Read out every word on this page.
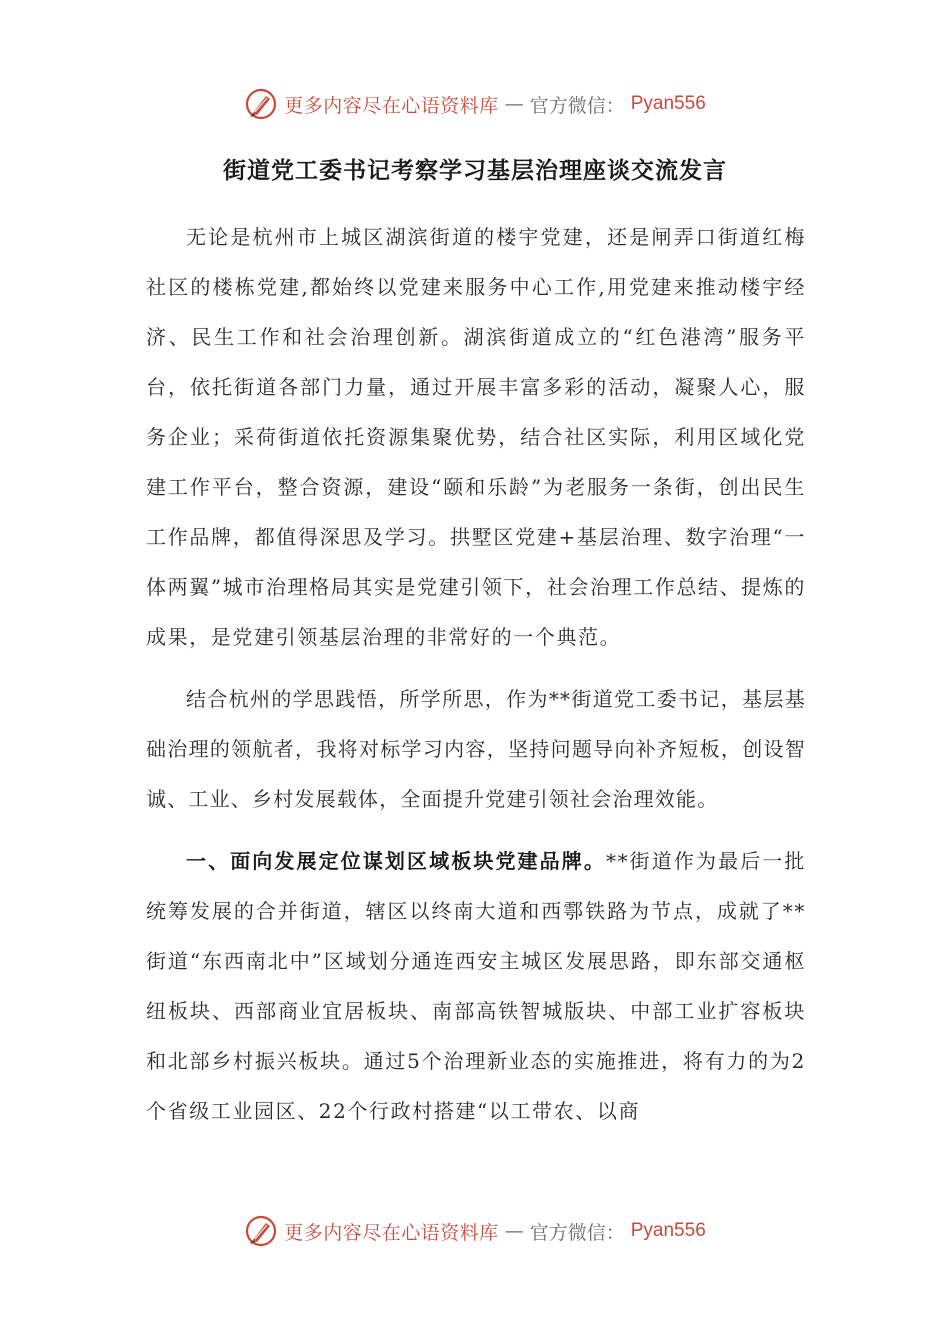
更多内容尽在心语资料库 — 官方微信： Pyan556
街道党工委书记考察学习基层治理座谈交流发言

无论是杭州市上城区湖滨街道的楼宇党建，还是闸弄口街道红梅社区的楼栋党建,都始终以党建来服务中心工作,用党建来推动楼宇经济、民生工作和社会治理创新。湖滨街道成立的“红色港湾”服务平台，依托街道各部门力量，通过开展丰富多彩的活动，凝聚人心，服务企业；采荷街道依托资源集聚优势，结合社区实际，利用区域化党建工作平台，整合资源，建设“颐和乐龄”为老服务一条街，创出民生工作品牌，都值得深思及学习。拱墅区党建+基层治理、数字治理“一体两翼”城市治理格局其实是党建引领下，社会治理工作总结、提炼的成果，是党建引领基层治理的非常好的一个典范。

结合杭州的学思践悟，所学所思，作为**街道党工委书记，基层基础治理的领航者，我将对标学习内容，坚持问题导向补齐短板，创设智诚、工业、乡村发展载体，全面提升党建引领社会治理效能。

一、面向发展定位谋划区域板块党建品牌。**街道作为最后一批统筹发展的合并街道，辖区以终南大道和西鄠铁路为节点，成就了**街道“东西南北中”区域划分通连西安主城区发展思路，即东部交通枢纽板块、西部商业宜居板块、南部高铁智城版块、中部工业扩容板块和北部乡村振兴板块。通过5个治理新业态的实施推进，将有力的为2个省级工业园区、22个行政村搭建“以工带农、以商

更多内容尽在心语资料库 — 官方微信： Pyan556
